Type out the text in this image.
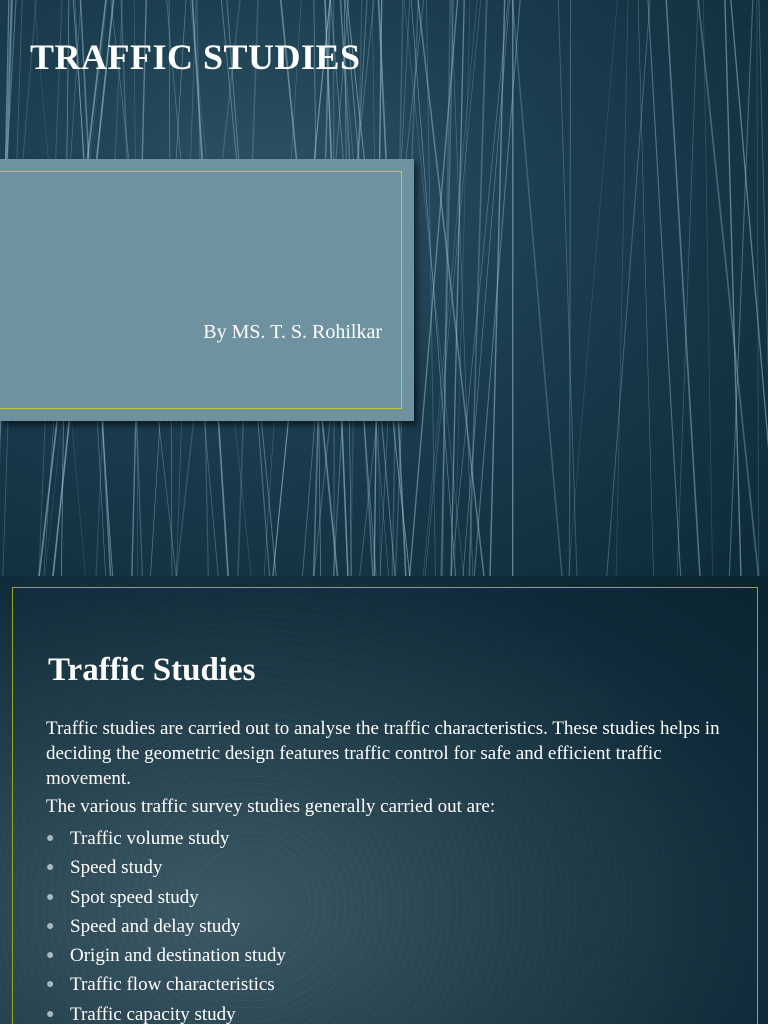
TRAFFIC STUDIES
By MS. T. S. Rohilkar
Traffic Studies

Traffic studies are carried out to analyse the traffic characteristics. These studies helps in deciding the geometric design features traffic control for safe and efficient traffic movement.

The various traffic survey studies generally carried out are:

● Traffic volume study
● Speed study
● Spot speed study
● Speed and delay study
● Origin and destination study
● Traffic flow characteristics
● Traffic capacity study
